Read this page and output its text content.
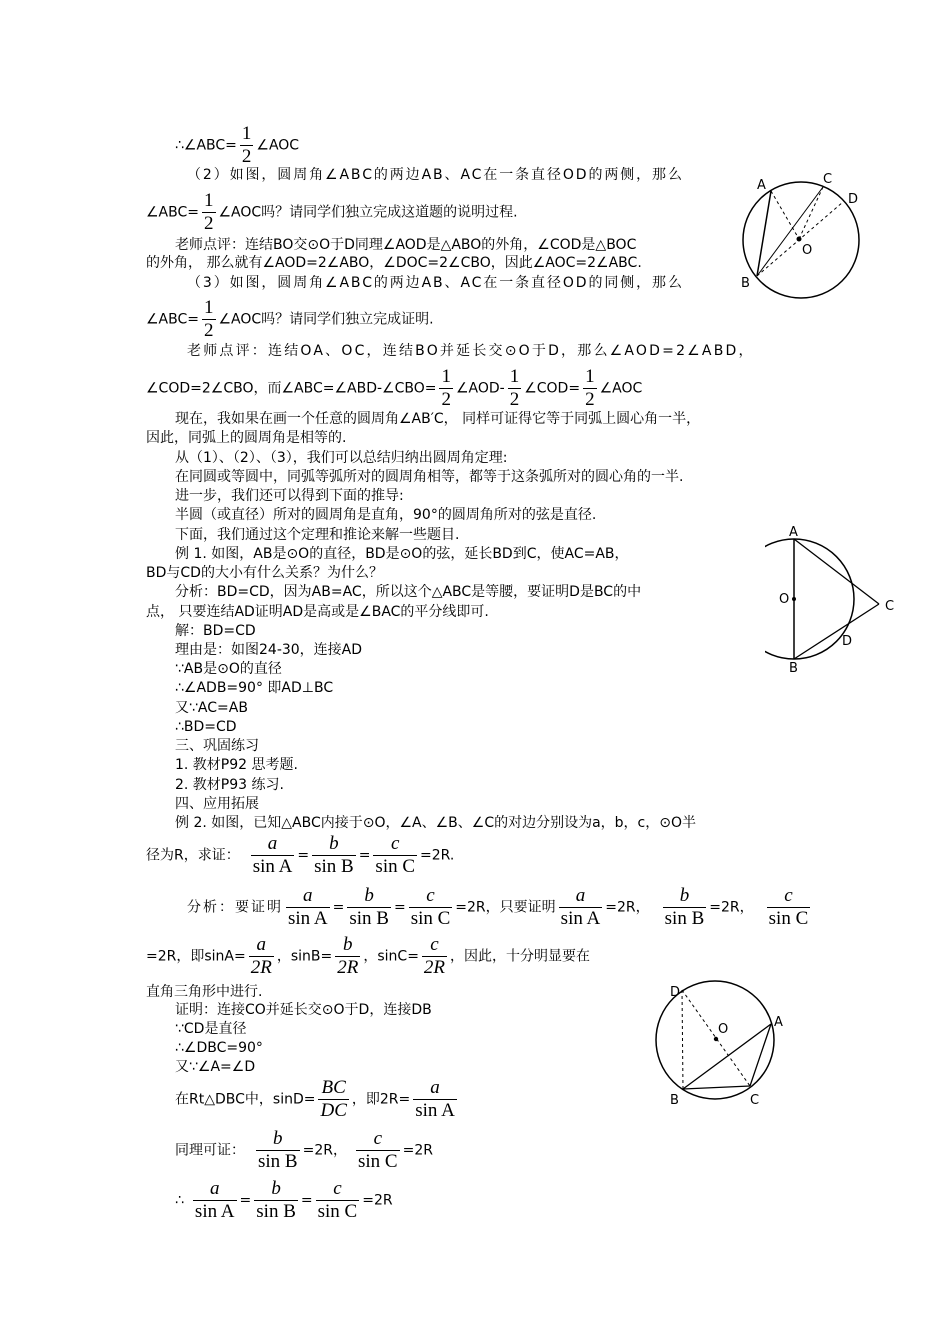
∴∠ABC= $\frac{1}{2}$ ∠AOC
（2）如图，圆周角∠ABC的两边AB、AC在一条直径OD的两侧，那么
∠ABC= $\frac{1}{2}$ ∠AOC吗？请同学们独立完成这道题的说明过程.
老师点评：连结BO交⊙O于D同理∠AOD是△ABO的外角，∠COD是△BOC
的外角， 那么就有∠AOD=2∠ABO，∠DOC=2∠CBO，因此∠AOC=2∠ABC.
（3）如图，圆周角∠ABC的两边AB、AC在一条直径OD的同侧，那么
∠ABC= $\frac{1}{2}$ ∠AOC吗？请同学们独立完成证明.
老师点评：连结OA、OC，连结BO并延长交⊙O于D，那么∠AOD=2∠ABD，
∠COD=2∠CBO，而∠ABC=∠ABD-∠CBO= $\frac{1}{2}$ ∠AOD- $\frac{1}{2}$ ∠COD= $\frac{1}{2}$ ∠AOC
现在，我如果在画一个任意的圆周角∠AB′C， 同样可证得它等于同弧上圆心角一半，
因此，同弧上的圆周角是相等的.
从（1）、（2）、（3），我们可以总结归纳出圆周角定理:
在同圆或等圆中，同弧等弧所对的圆周角相等，都等于这条弧所对的圆心角的一半.
进一步，我们还可以得到下面的推导:
半圆（或直径）所对的圆周角是直角，90°的圆周角所对的弦是直径.
下面，我们通过这个定理和推论来解一些题目.
例 1. 如图，AB是⊙O的直径，BD是⊙O的弦，延长BD到C，使AC=AB，
BD与CD的大小有什么关系？为什么？
分析：BD=CD，因为AB=AC，所以这个△ABC是等腰，要证明D是BC的中
点， 只要连结AD证明AD是高或是∠BAC的平分线即可.
解：BD=CD
理由是：如图24-30，连接AD
∵AB是⊙O的直径
∴∠ADB=90° 即AD⊥BC
又∵AC=AB
∴BD=CD
三、巩固练习
1. 教材P92 思考题.
2. 教材P93 练习.
四、应用拓展
例 2. 如图，已知△ABC内接于⊙O，∠A、∠B、∠C的对边分别设为a，b，c，⊙O半
径为R，求证： $\frac{a}{\text{sin A}} = \frac{b}{\text{sin B}} = \frac{c}{\text{sin C}} =2R$.
分析：要证明 $\frac{a}{\text{sin A}} = \frac{b}{\text{sin B}} = \frac{c}{\text{sin C}} =2R$，只要证明 $\frac{a}{\text{sin A}} =2R$， $\frac{b}{\text{sin B}} =2R$， $\frac{c}{\text{sin C}}$
=2R，即$\sin A= \frac{a}{2R}$ ，$\sin B= \frac{b}{2R}$ ，$\sin C= \frac{c}{2R}$ ，因此，十分明显要在
直角三角形中进行.
证明：连接CO并延长交⊙O于D，连接DB
∵CD是直径
∴∠DBC=90°
又∵∠A=∠D
在Rt△DBC中，$\sin D= \frac{BC}{DC}$ ，即$2R= \frac{a}{\text{sin A}}$
同理可证： $\frac{b}{\text{sin B}} =2R$， $\frac{c}{\text{sin C}} =2R$
∴ $\frac{a}{\text{sin A}} = \frac{b}{\text{sin B}} = \frac{c}{\text{sin C}} =2R$
A	C
D
O
B
A
O	C
D
B
D
O	A
B	C
